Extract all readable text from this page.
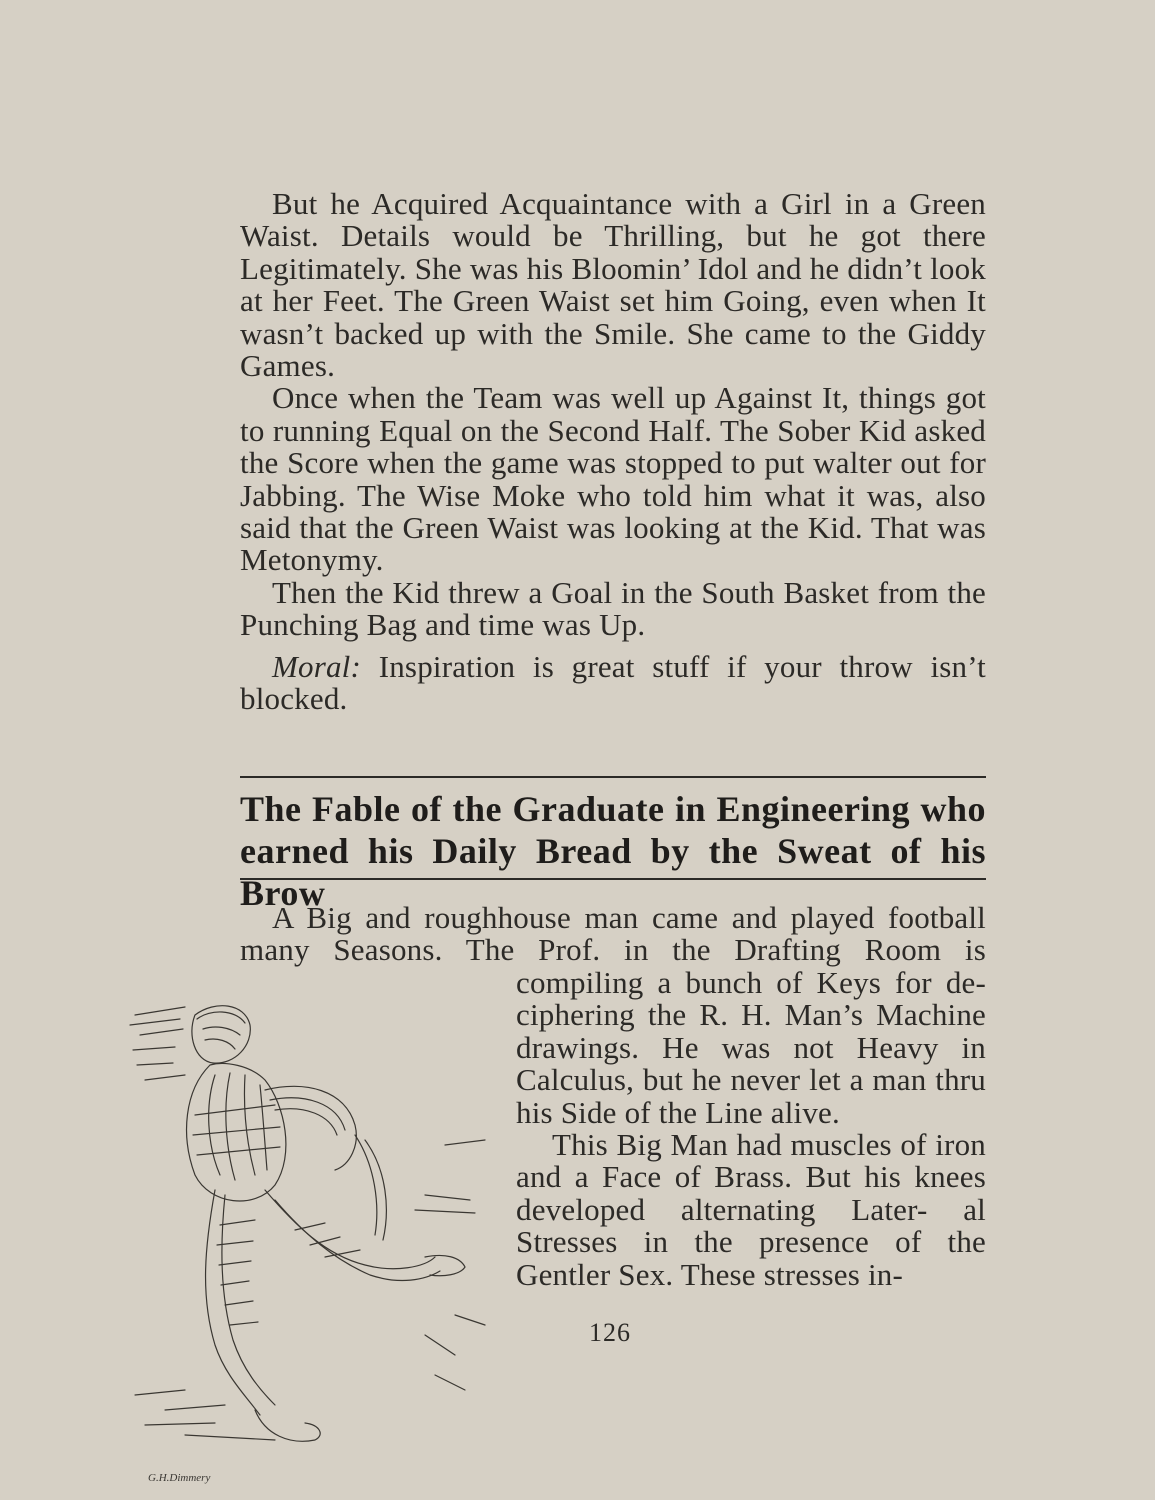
But he Acquired Acquaintance with a Girl in a Green Waist. Details would be Thrilling, but he got there Legitimately. She was his Bloomin’ Idol and he didn’t look at her Feet. The Green Waist set him Going, even when It wasn’t backed up with the Smile. She came to the Giddy Games.

Once when the Team was well up Against It, things got to running Equal on the Second Half. The Sober Kid asked the Score when the game was stopped to put walter out for Jabbing. The Wise Moke who told him what it was, also said that the Green Waist was looking at the Kid. That was Metonymy.

Then the Kid threw a Goal in the South Basket from the Punching Bag and time was Up.

Moral: Inspiration is great stuff if your throw isn’t blocked.

The Fable of the Graduate in Engineering who
earned his Daily Bread by the Sweat of his Brow

A Big and roughhouse man came and played football many Seasons. The Prof. in the Drafting Room is

compiling a bunch of Keys for de- ciphering the R. H. Man’s Machine drawings. He was not Heavy in Calculus, but he never let a man thru his Side of the Line alive.

This Big Man had muscles of iron and a Face of Brass. But his knees developed alternating Later- al Stresses in the presence of the Gentler Sex. These stresses in-

126
G.H.Dimmery
